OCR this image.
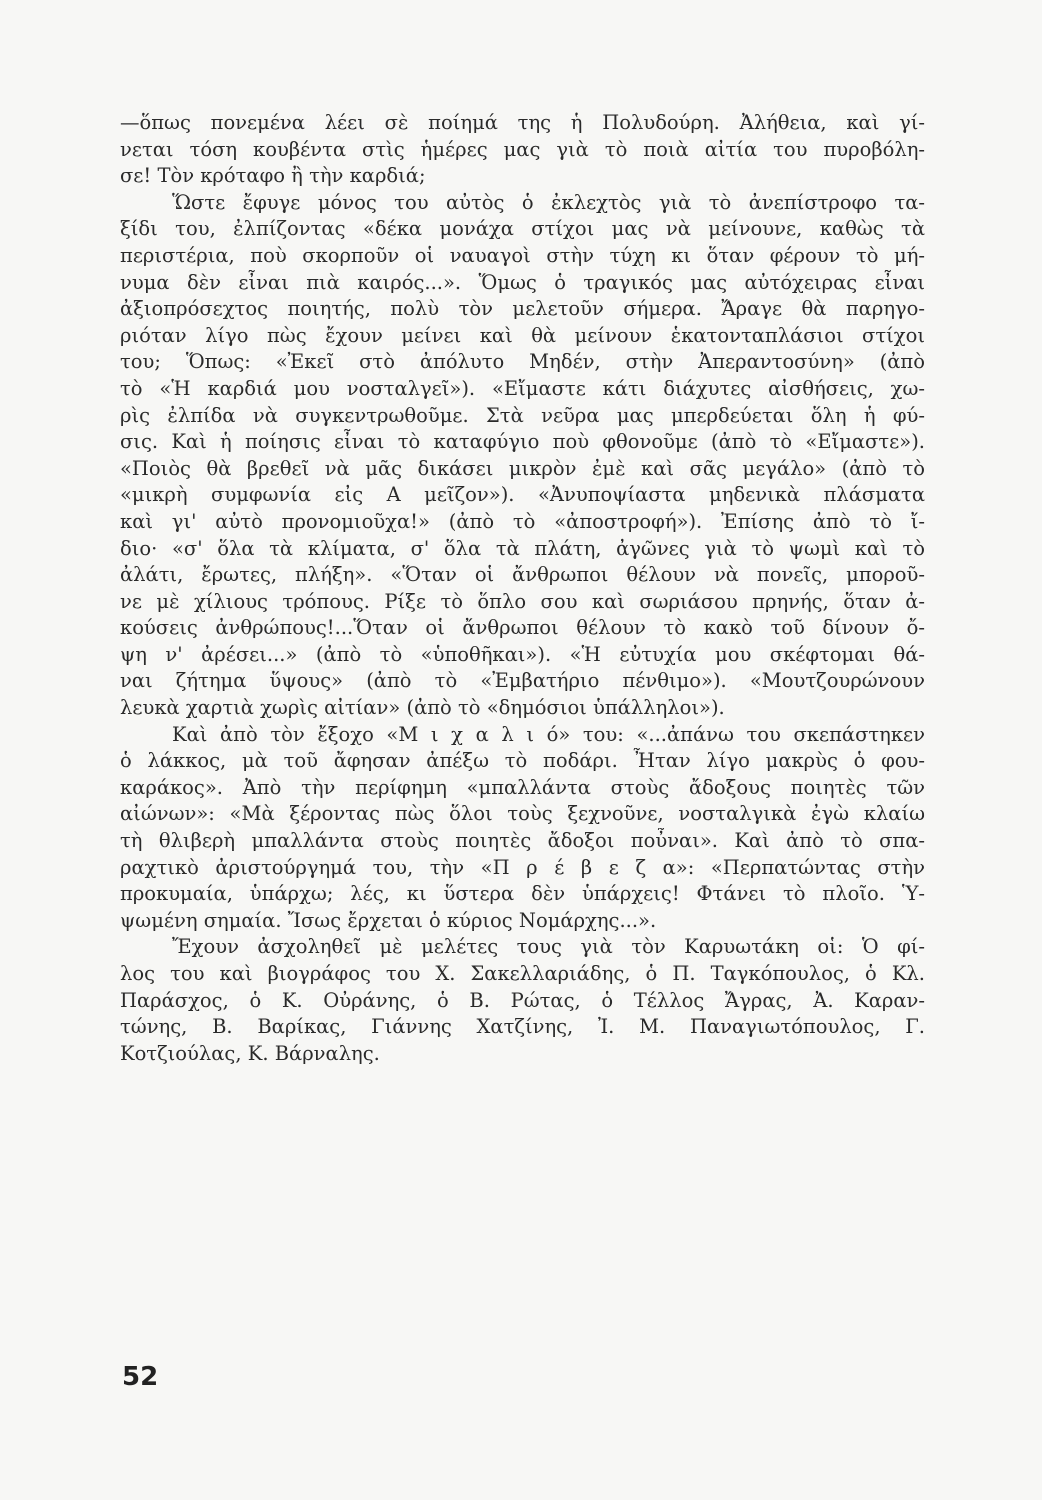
—ὅπως πονεμένα λέει σὲ ποίημά της ἡ Πολυδούρη. Ἀλήθεια, καὶ γί-
νεται τόση κουβέντα στὶς ἡμέρες μας γιὰ τὸ ποιὰ αἰτία του πυροβόλη-
σε! Τὸν κρόταφο ἢ τὴν καρδιά;
Ὥστε ἔφυγε μόνος του αὐτὸς ὁ ἐκλεχτὸς γιὰ τὸ ἀνεπίστροφο τα-
ξίδι του, ἐλπίζοντας «δέκα μονάχα στίχοι μας νὰ μείνουνε, καθὼς τὰ
περιστέρια, ποὺ σκορποῦν οἱ ναυαγοὶ στὴν τύχη κι ὅταν φέρουν τὸ μή-
νυμα δὲν εἶναι πιὰ καιρός...». Ὅμως ὁ τραγικός μας αὐτόχειρας εἶναι
ἀξιοπρόσεχτος ποιητής, πολὺ τὸν μελετοῦν σήμερα. Ἄραγε θὰ παρηγο-
ριόταν λίγο πὼς ἔχουν μείνει καὶ θὰ μείνουν ἑκατονταπλάσιοι στίχοι
του; Ὅπως: «Ἐκεῖ στὸ ἀπόλυτο Μηδέν, στὴν Ἀπεραντοσύνη» (ἀπὸ
τὸ «Ἡ καρδιά μου νοσταλγεῖ»). «Εἴμαστε κάτι διάχυτες αἰσθήσεις, χω-
ρὶς ἐλπίδα νὰ συγκεντρωθοῦμε. Στὰ νεῦρα μας μπερδεύεται ὅλη ἡ φύ-
σις. Καὶ ἡ ποίησις εἶναι τὸ καταφύγιο ποὺ φθονοῦμε (ἀπὸ τὸ «Εἴμαστε»).
«Ποιὸς θὰ βρεθεῖ νὰ μᾶς δικάσει μικρὸν ἐμὲ καὶ σᾶς μεγάλο» (ἀπὸ τὸ
«μικρὴ συμφωνία εἰς Α μεῖζον»). «Ἀνυποψίαστα μηδενικὰ πλάσματα
καὶ γι' αὐτὸ προνομιοῦχα!» (ἀπὸ τὸ «ἀποστροφή»). Ἐπίσης ἀπὸ τὸ ἴ-
διο· «σ' ὅλα τὰ κλίματα, σ' ὅλα τὰ πλάτη, ἀγῶνες γιὰ τὸ ψωμὶ καὶ τὸ
ἀλάτι, ἔρωτες, πλήξη». «Ὅταν οἱ ἄνθρωποι θέλουν νὰ πονεῖς, μποροῦ-
νε μὲ χίλιους τρόπους. Ρίξε τὸ ὅπλο σου καὶ σωριάσου πρηνής, ὅταν ἀ-
κούσεις ἀνθρώπους!...Ὅταν οἱ ἄνθρωποι θέλουν τὸ κακὸ τοῦ δίνουν ὄ-
ψη ν' ἀρέσει...» (ἀπὸ τὸ «ὑποθῆκαι»). «Ἡ εὐτυχία μου σκέφτομαι θά-
ναι ζήτημα ὕψους» (ἀπὸ τὸ «Ἐμβατήριο πένθιμο»). «Μουτζουρώνουν
λευκὰ χαρτιὰ χωρὶς αἰτίαν» (ἀπὸ τὸ «δημόσιοι ὑπάλληλοι»).
Καὶ ἀπὸ τὸν ἔξοχο «Μ ι χ α λ ι ό» του: «...ἀπάνω του σκεπάστηκεν
ὁ λάκκος, μὰ τοῦ ἄφησαν ἀπέξω τὸ ποδάρι. Ἦταν λίγο μακρὺς ὁ φου-
καράκος». Ἀπὸ τὴν περίφημη «μπαλλάντα στοὺς ἄδοξους ποιητὲς τῶν
αἰώνων»: «Μὰ ξέροντας πὼς ὅλοι τοὺς ξεχνοῦνε, νοσταλγικὰ ἐγὼ κλαίω
τὴ θλιβερὴ μπαλλάντα στοὺς ποιητὲς ἄδοξοι ποὖναι». Καὶ ἀπὸ τὸ σπα-
ραχτικὸ ἀριστούργημά του, τὴν «Π ρ έ β ε ζ α»: «Περπατώντας στὴν
προκυμαία, ὑπάρχω; λές, κι ὕστερα δὲν ὑπάρχεις! Φτάνει τὸ πλοῖο. Ὑ-
ψωμένη σημαία. Ἴσως ἔρχεται ὁ κύριος Νομάρχης...».
Ἔχουν ἀσχοληθεῖ μὲ μελέτες τους γιὰ τὸν Καρυωτάκη οἱ: Ὁ φί-
λος του καὶ βιογράφος του Χ. Σακελλαριάδης, ὁ Π. Ταγκόπουλος, ὁ Κλ.
Παράσχος, ὁ Κ. Οὐράνης, ὁ Β. Ρώτας, ὁ Τέλλος Ἄγρας, Ἀ. Καραν-
τώνης, Β. Βαρίκας, Γιάννης Χατζίνης, Ἰ. Μ. Παναγιωτόπουλος, Γ.
Κοτζιούλας, Κ. Βάρναλης.
52
